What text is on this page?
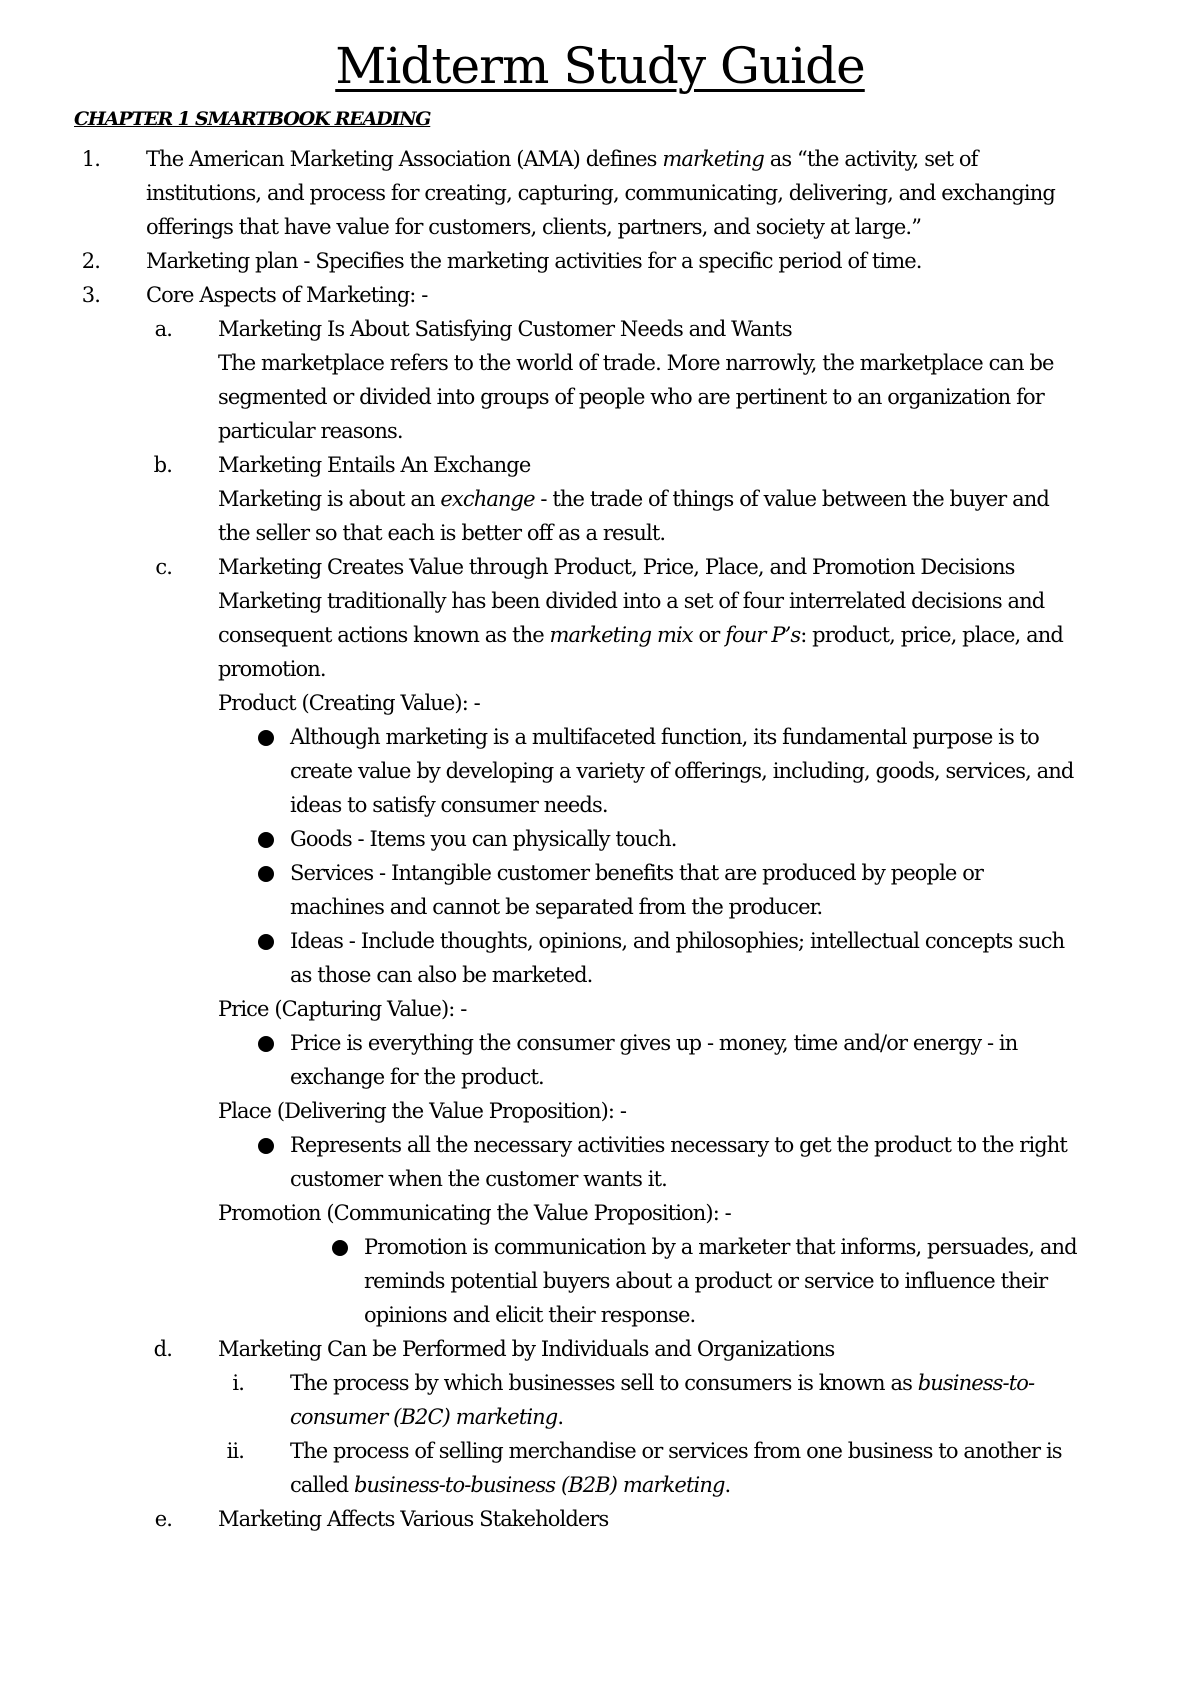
Midterm Study Guide
CHAPTER 1 SMARTBOOK READING
1. The American Marketing Association (AMA) defines marketing as “the activity, set of
institutions, and process for creating, capturing, communicating, delivering, and exchanging
offerings that have value for customers, clients, partners, and society at large.”
2. Marketing plan - Specifies the marketing activities for a specific period of time.
3. Core Aspects of Marketing: -
a. Marketing Is About Satisfying Customer Needs and Wants
The marketplace refers to the world of trade. More narrowly, the marketplace can be
segmented or divided into groups of people who are pertinent to an organization for
particular reasons.
b. Marketing Entails An Exchange
Marketing is about an exchange - the trade of things of value between the buyer and
the seller so that each is better off as a result.
c. Marketing Creates Value through Product, Price, Place, and Promotion Decisions
Marketing traditionally has been divided into a set of four interrelated decisions and
consequent actions known as the marketing mix or four P’s: product, price, place, and
promotion.
Product (Creating Value): -
Although marketing is a multifaceted function, its fundamental purpose is to
create value by developing a variety of offerings, including, goods, services, and
ideas to satisfy consumer needs.
Goods - Items you can physically touch.
Services - Intangible customer benefits that are produced by people or
machines and cannot be separated from the producer.
Ideas - Include thoughts, opinions, and philosophies; intellectual concepts such
as those can also be marketed.
Price (Capturing Value): -
Price is everything the consumer gives up - money, time and/or energy - in
exchange for the product.
Place (Delivering the Value Proposition): -
Represents all the necessary activities necessary to get the product to the right
customer when the customer wants it.
Promotion (Communicating the Value Proposition): -
Promotion is communication by a marketer that informs, persuades, and
reminds potential buyers about a product or service to influence their
opinions and elicit their response.
d. Marketing Can be Performed by Individuals and Organizations
i. The process by which businesses sell to consumers is known as business-to-
consumer (B2C) marketing.
ii. The process of selling merchandise or services from one business to another is
called business-to-business (B2B) marketing.
e. Marketing Affects Various Stakeholders
